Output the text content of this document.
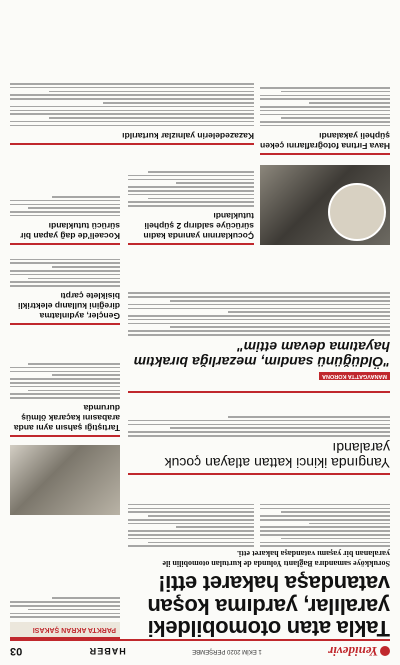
Yenidevir
1 EKİM 2020 PERŞEMBE
HABER
03
Takla atan otomobildeki yaralılar, yardıma koşan vatandaşa hakaret etti!
Sorukköye samandıra Bağlantı Yolunda de kurtulan otomobilin ile yaralanan bir yaşamı vatandaşa hakaret etti.
PARKTA AKRAN ŞAKASI
Yangında ikinci kattan atlayan çocuk yaralandı
Tartıştığı şahsın aynı anda arabasını kaçarak ölmüş durumda
MANAVGAT'TA KORONA
"Öldüğünü sandım, mezarlığa bıraktım hayatıma devam ettim"
Gençler, aydınlatma direğini kullanıp elektrikli bisiklete çarptı
Çocuklarının yanında kadın sürücüye saldırıp 2 şüpheli tutuklandı
Kocaeli'de dağ yapan bir sürücü tutuklandı
Hava Fırtına fotoğraflarını çeken şüpheli yakalandı
Kazazedelerin yalnızlar kurtarıldı
